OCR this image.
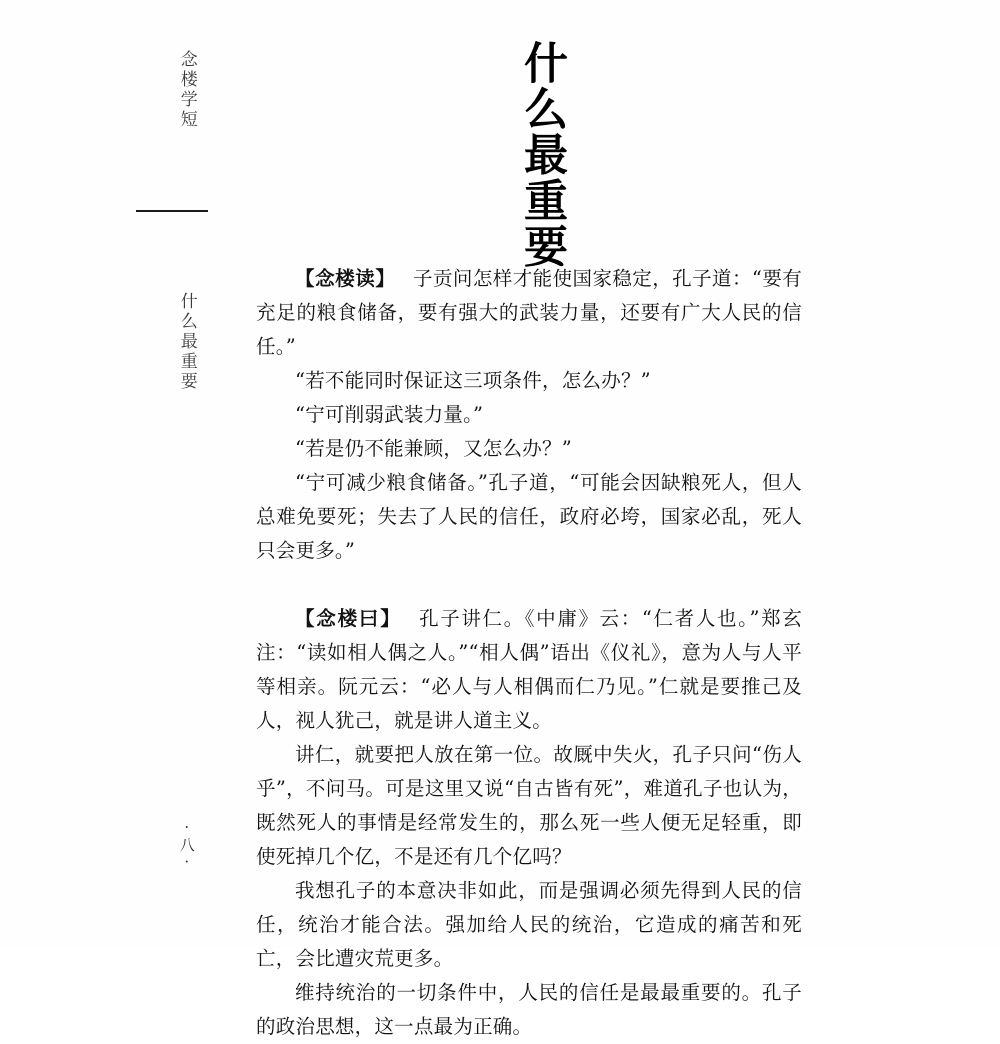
念楼学短
什么最重要
·八·
什么最重要

【念楼读】 子贡问怎样才能使国家稳定，孔子道：“要有充足的粮食储备，要有强大的武装力量，还要有广大人民的信任。”

“若不能同时保证这三项条件，怎么办？”

“宁可削弱武装力量。”

“若是仍不能兼顾，又怎么办？”

“宁可减少粮食储备。”孔子道，“可能会因缺粮死人，但人总难免要死；失去了人民的信任，政府必垮，国家必乱，死人只会更多。”

【念楼曰】 孔子讲仁。《中庸》云：“仁者人也。”郑玄注：“读如相人偶之人。”“相人偶”语出《仪礼》，意为人与人平等相亲。阮元云：“必人与人相偶而仁乃见。”仁就是要推己及人，视人犹己，就是讲人道主义。

讲仁，就要把人放在第一位。故厩中失火，孔子只问“伤人乎”，不问马。可是这里又说“自古皆有死”，难道孔子也认为，既然死人的事情是经常发生的，那么死一些人便无足轻重，即使死掉几个亿，不是还有几个亿吗？

我想孔子的本意决非如此，而是强调必须先得到人民的信任，统治才能合法。强加给人民的统治，它造成的痛苦和死亡，会比遭灾荒更多。

维持统治的一切条件中，人民的信任是最最重要的。孔子的政治思想，这一点最为正确。
